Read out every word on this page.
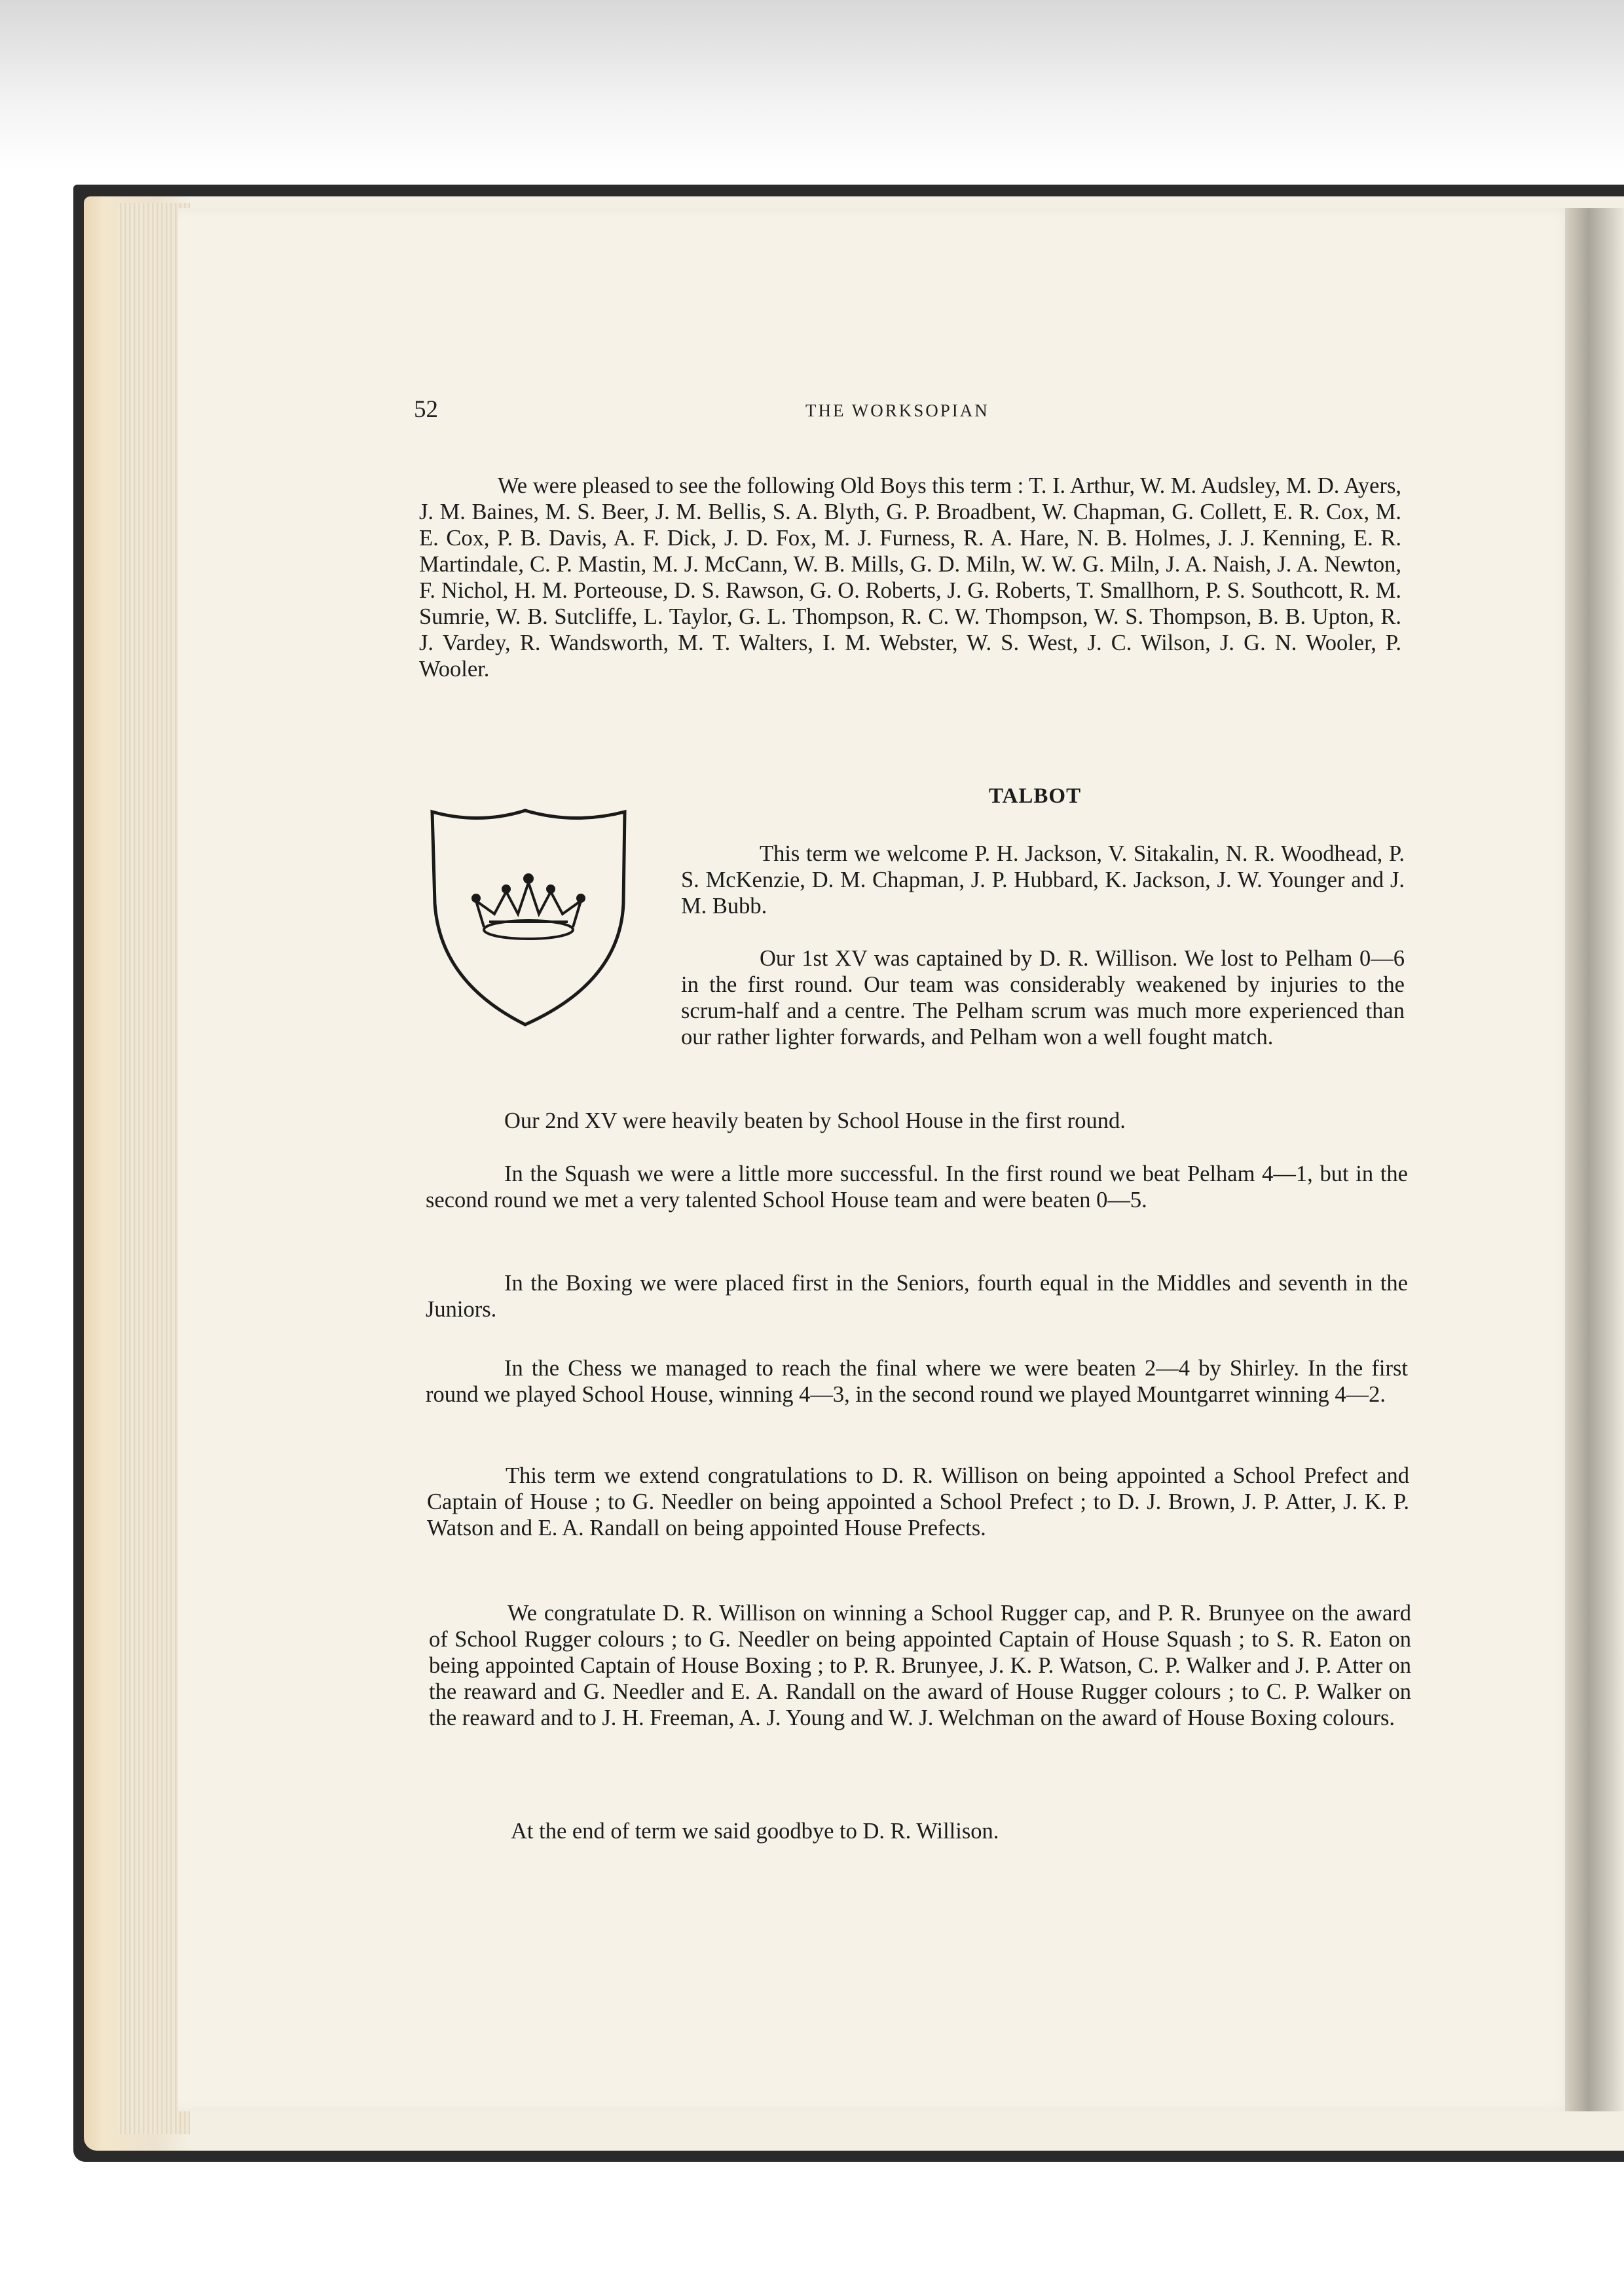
52	THE WORKSOPIAN

We were pleased to see the following Old Boys this term : T. I. Arthur, W. M. Audsley, M. D. Ayers, J. M. Baines, M. S. Beer, J. M. Bellis, S. A. Blyth, G. P. Broadbent, W. Chapman, G. Collett, E. R. Cox, M. E. Cox, P. B. Davis, A. F. Dick, J. D. Fox, M. J. Furness, R. A. Hare, N. B. Holmes, J. J. Kenning, E. R. Martindale, C. P. Mastin, M. J. McCann, W. B. Mills, G. D. Miln, W. W. G. Miln, J. A. Naish, J. A. Newton, F. Nichol, H. M. Porteouse, D. S. Rawson, G. O. Roberts, J. G. Roberts, T. Smallhorn, P. S. Southcott, R. M. Sumrie, W. B. Sutcliffe, L. Taylor, G. L. Thompson, R. C. W. Thompson, W. S. Thompson, B. B. Upton, R. J. Vardey, R. Wandsworth, M. T. Walters, I. M. Webster, W. S. West, J. C. Wilson, J. G. N. Wooler, P. Wooler.

TALBOT

This term we welcome P. H. Jackson, V. Sitakalin, N. R. Woodhead, P. S. McKenzie, D. M. Chapman, J. P. Hubbard, K. Jackson, J. W. Younger and J. M. Bubb.

Our 1st XV was captained by D. R. Willison. We lost to Pelham 0—6 in the first round. Our team was considerably weakened by injuries to the scrum-half and a centre. The Pelham scrum was much more experienced than our rather lighter forwards, and Pelham won a well fought match.

Our 2nd XV were heavily beaten by School House in the first round.

In the Squash we were a little more successful. In the first round we beat Pelham 4—1, but in the second round we met a very talented School House team and were beaten 0—5.

In the Boxing we were placed first in the Seniors, fourth equal in the Middles and seventh in the Juniors.

In the Chess we managed to reach the final where we were beaten 2—4 by Shirley. In the first round we played School House, winning 4—3, in the second round we played Mountgarret winning 4—2.

This term we extend congratulations to D. R. Willison on being appointed a School Prefect and Captain of House ; to G. Needler on being appointed a School Prefect ; to D. J. Brown, J. P. Atter, J. K. P. Watson and E. A. Randall on being appointed House Prefects.

We congratulate D. R. Willison on winning a School Rugger cap, and P. R. Brunyee on the award of School Rugger colours ; to G. Needler on being appointed Captain of House Squash ; to S. R. Eaton on being appointed Captain of House Boxing ; to P. R. Brunyee, J. K. P. Watson, C. P. Walker and J. P. Atter on the reaward and G. Needler and E. A. Randall on the award of House Rugger colours ; to C. P. Walker on the reaward and to J. H. Freeman, A. J. Young and W. J. Welchman on the award of House Boxing colours.

At the end of term we said goodbye to D. R. Willison.
